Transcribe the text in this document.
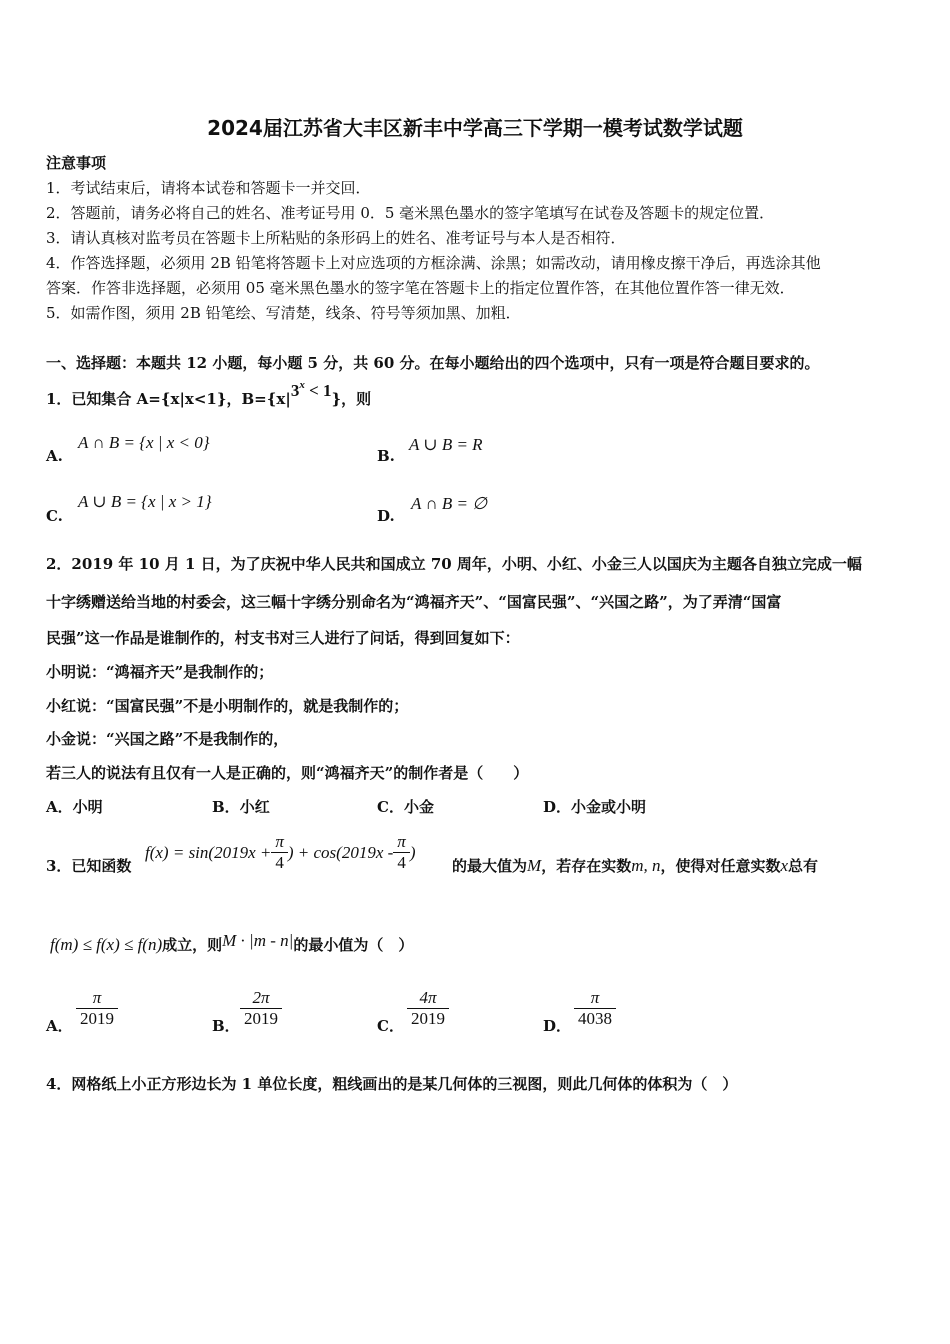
2024届江苏省大丰区新丰中学高三下学期一模考试数学试题
注意事项
1．考试结束后，请将本试卷和答题卡一并交回．
2．答题前，请务必将自己的姓名、准考证号用 0．5 毫米黑色墨水的签字笔填写在试卷及答题卡的规定位置．
3．请认真核对监考员在答题卡上所粘贴的条形码上的姓名、准考证号与本人是否相符．
4．作答选择题，必须用 2B 铅笔将答题卡上对应选项的方框涂满、涂黑；如需改动，请用橡皮擦干净后，再选涂其他
答案．作答非选择题，必须用 05 毫米黑色墨水的签字笔在答题卡上的指定位置作答，在其他位置作答一律无效．
5．如需作图，须用 2B 铅笔绘、写清楚，线条、符号等须加黑、加粗．
一、选择题：本题共 12 小题，每小题 5 分，共 60 分。在每小题给出的四个选项中，只有一项是符合题目要求的。
1．已知集合 A={x|x<1}，$B=\{x|3^x < 1\}$，则
A.
A ∩ B = {x | x < 0}
B.
A ∪ B = R
C.
A ∪ B = {x | x > 1}
D.
A ∩ B = ∅
2．2019 年 10 月 1 日，为了庆祝中华人民共和国成立 70 周年，小明、小红、小金三人以国庆为主题各自独立完成一幅
十字绣赠送给当地的村委会，这三幅十字绣分别命名为“鸿福齐天”、“国富民强”、“兴国之路”，为了弄清“国富
民强”这一作品是谁制作的，村支书对三人进行了问话，得到回复如下：
小明说：“鸿福齐天”是我制作的；
小红说：“国富民强”不是小明制作的，就是我制作的；
小金说：“兴国之路”不是我制作的，
若三人的说法有且仅有一人是正确的，则“鸿福齐天”的制作者是（　　）
A．小明	B．小红	C．小金	D．小金或小明
3．已知函数
$f(x) = \sin(2019x + \frac{\pi}{4}$ ) + $\cos(2019x - \frac{\pi}{4}$ )
的最大值为M，若存在实数m, n，使得对任意实数x总有
f(m) ≤ f(x) ≤ f(n)成立，则M · |m - n|的最小值为（　）
A． $\frac{\pi}{2019}$	B． $\frac{2\pi}{2019}$	C． $\frac{4\pi}{2019}$	D． $\frac{\pi}{4038}$
4．网格纸上小正方形边长为 1 单位长度，粗线画出的是某几何体的三视图，则此几何体的体积为（　）
